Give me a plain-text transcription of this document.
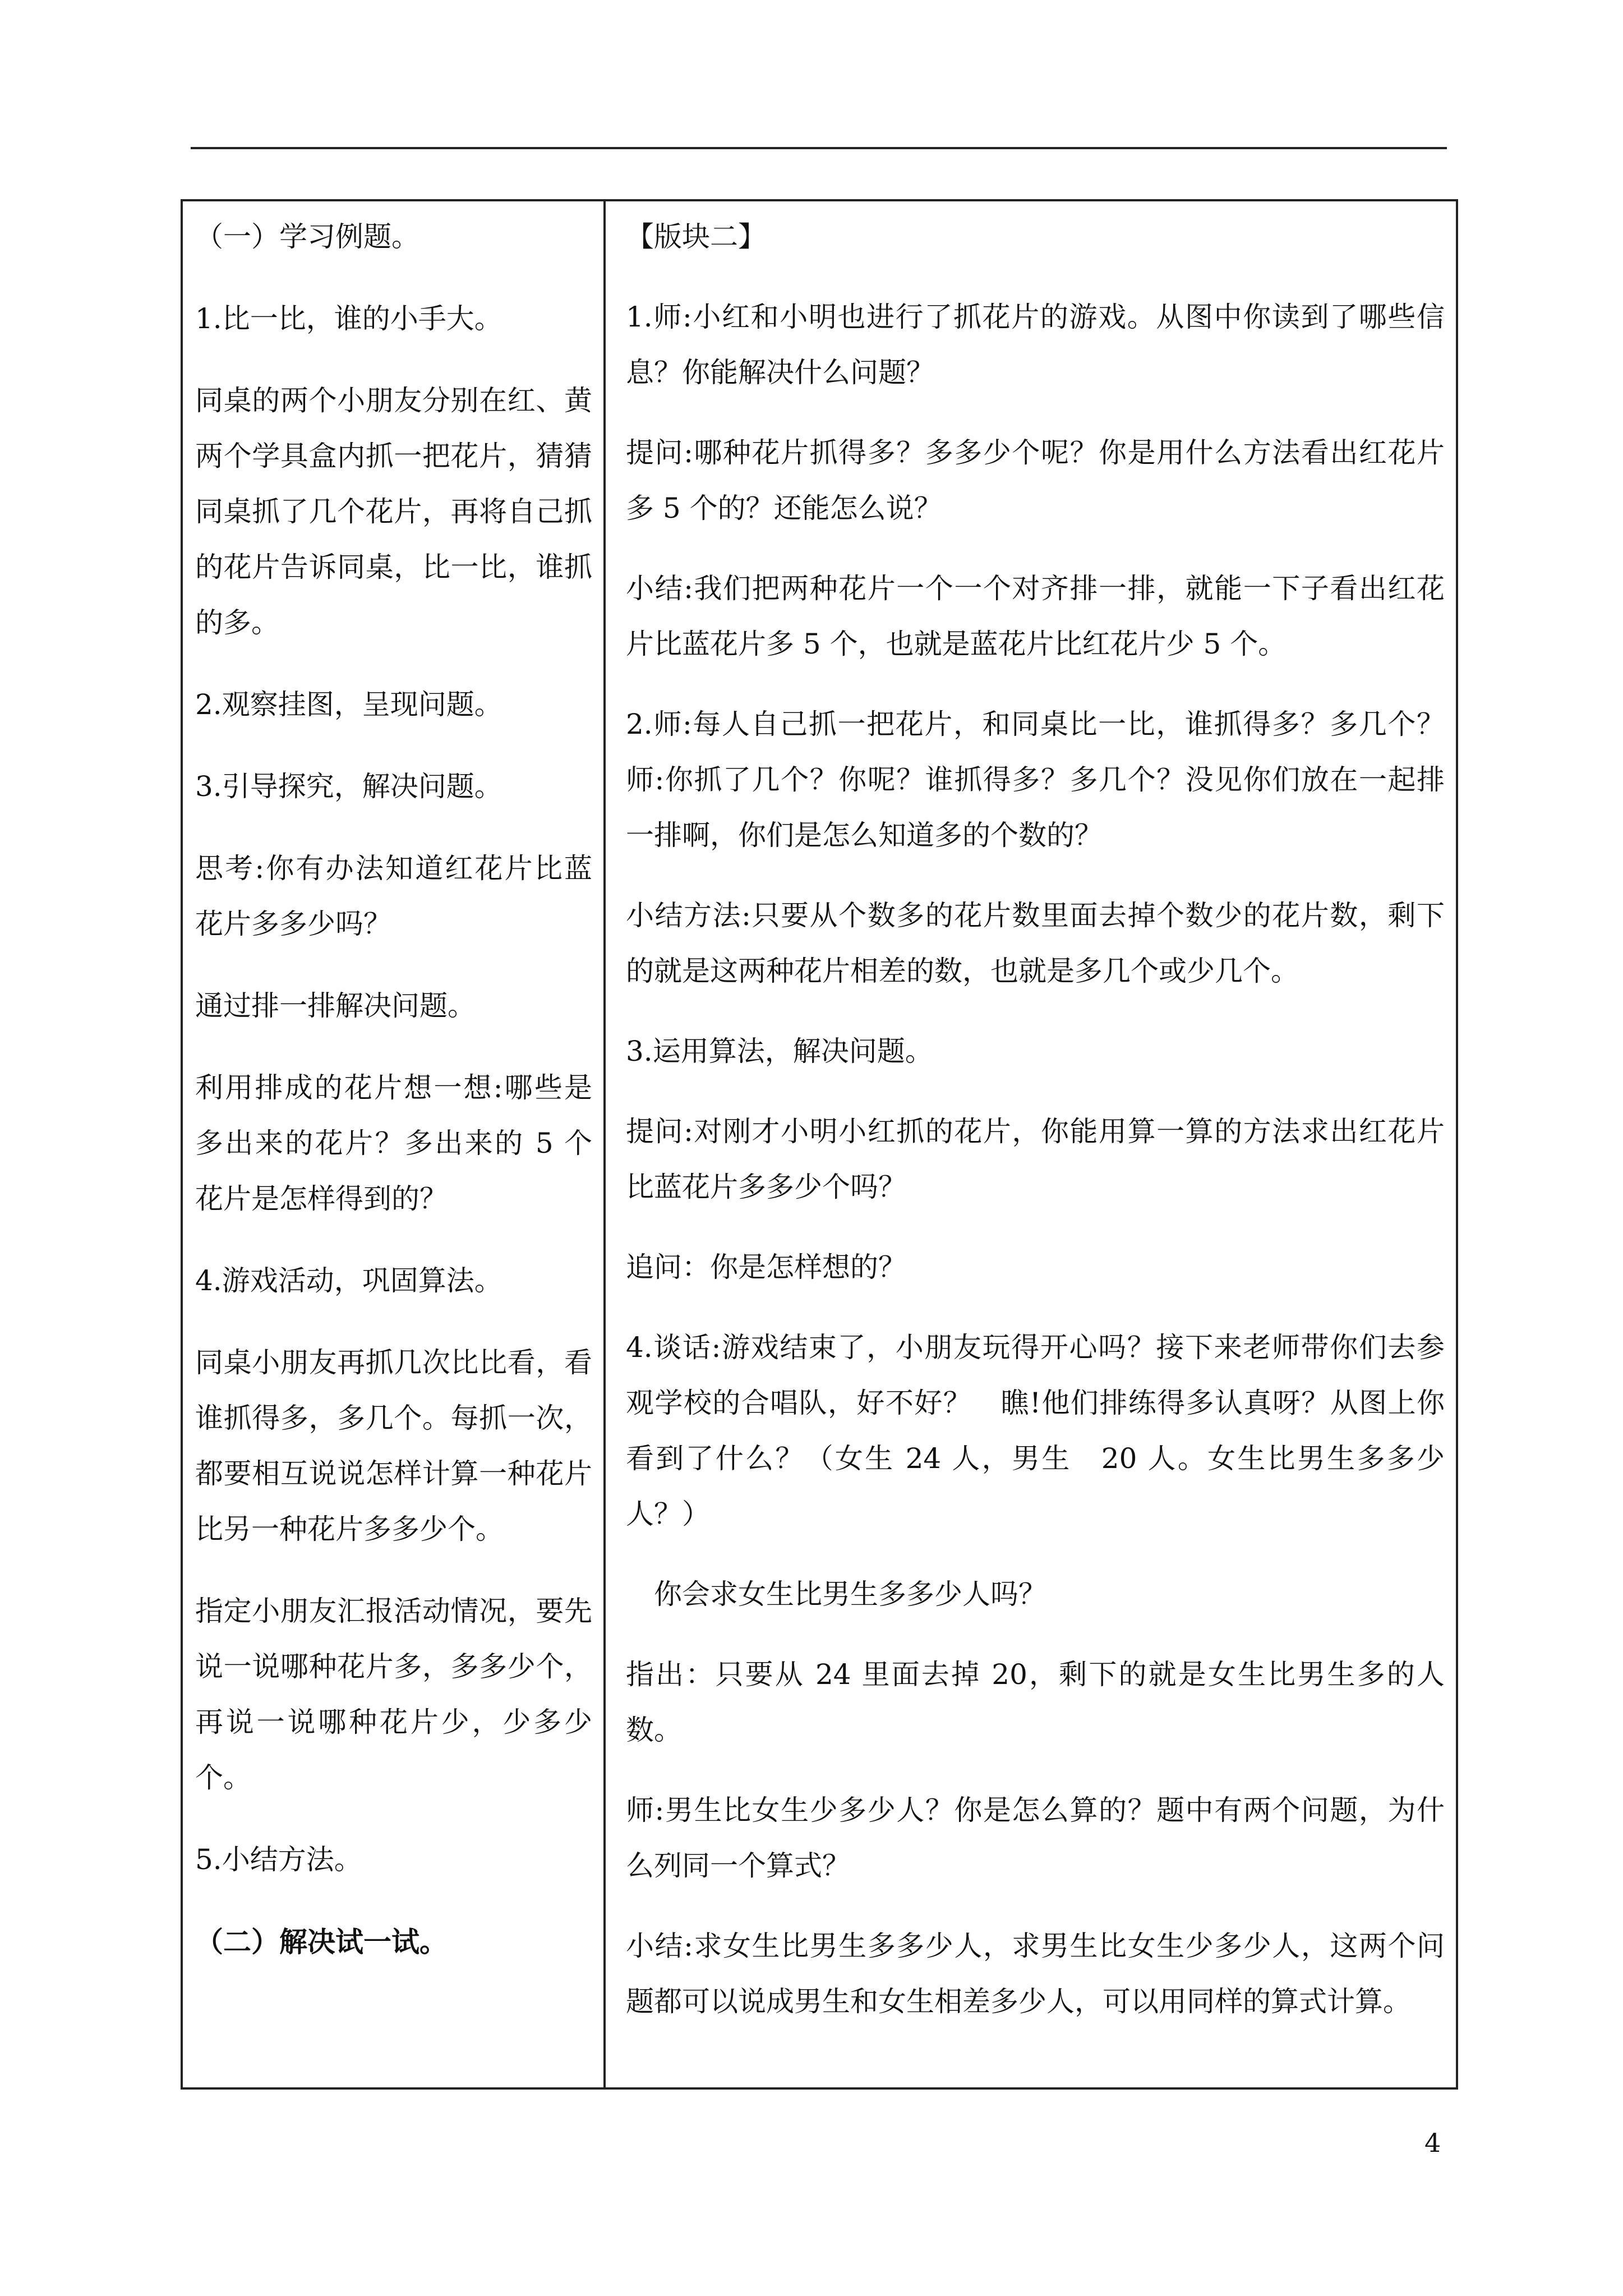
（一）学习例题。

1.比一比，谁的小手大。

同桌的两个小朋友分别在红、黄两个学具盒内抓一把花片，猜猜同桌抓了几个花片，再将自己抓的花片告诉同桌，比一比，谁抓的多。

2.观察挂图，呈现问题。

3.引导探究，解决问题。

思考:你有办法知道红花片比蓝花片多多少吗？

通过排一排解决问题。

利用排成的花片想一想:哪些是多出来的花片？多出来的 5 个花片是怎样得到的？

4.游戏活动，巩固算法。

同桌小朋友再抓几次比比看，看谁抓得多，多几个。每抓一次，都要相互说说怎样计算一种花片比另一种花片多多少个。

指定小朋友汇报活动情况，要先说一说哪种花片多，多多少个，再说一说哪种花片少，少多少个。

5.小结方法。

（二）解决试一试。

【版块二】

1.师:小红和小明也进行了抓花片的游戏。从图中你读到了哪些信息？你能解决什么问题？

提问:哪种花片抓得多？多多少个呢？你是用什么方法看出红花片多 5 个的？还能怎么说？

小结:我们把两种花片一个一个对齐排一排，就能一下子看出红花片比蓝花片多 5 个，也就是蓝花片比红花片少 5 个。

2.师:每人自己抓一把花片，和同桌比一比，谁抓得多？多几个？师:你抓了几个？你呢？谁抓得多？多几个？没见你们放在一起排一排啊，你们是怎么知道多的个数的？

小结方法:只要从个数多的花片数里面去掉个数少的花片数，剩下的就是这两种花片相差的数，也就是多几个或少几个。

3.运用算法，解决问题。

提问:对刚才小明小红抓的花片，你能用算一算的方法求出红花片比蓝花片多多少个吗？

追问：你是怎样想的？

4.谈话:游戏结束了，小朋友玩得开心吗？接下来老师带你们去参观学校的合唱队，好不好？　瞧!他们排练得多认真呀？从图上你看到了什么？（女生 24 人，男生　20 人。女生比男生多多少人？）

你会求女生比男生多多少人吗？

指出：只要从 24 里面去掉 20，剩下的就是女生比男生多的人数。

师:男生比女生少多少人？你是怎么算的？题中有两个问题，为什么列同一个算式？

小结:求女生比男生多多少人，求男生比女生少多少人，这两个问题都可以说成男生和女生相差多少人，可以用同样的算式计算。

4
